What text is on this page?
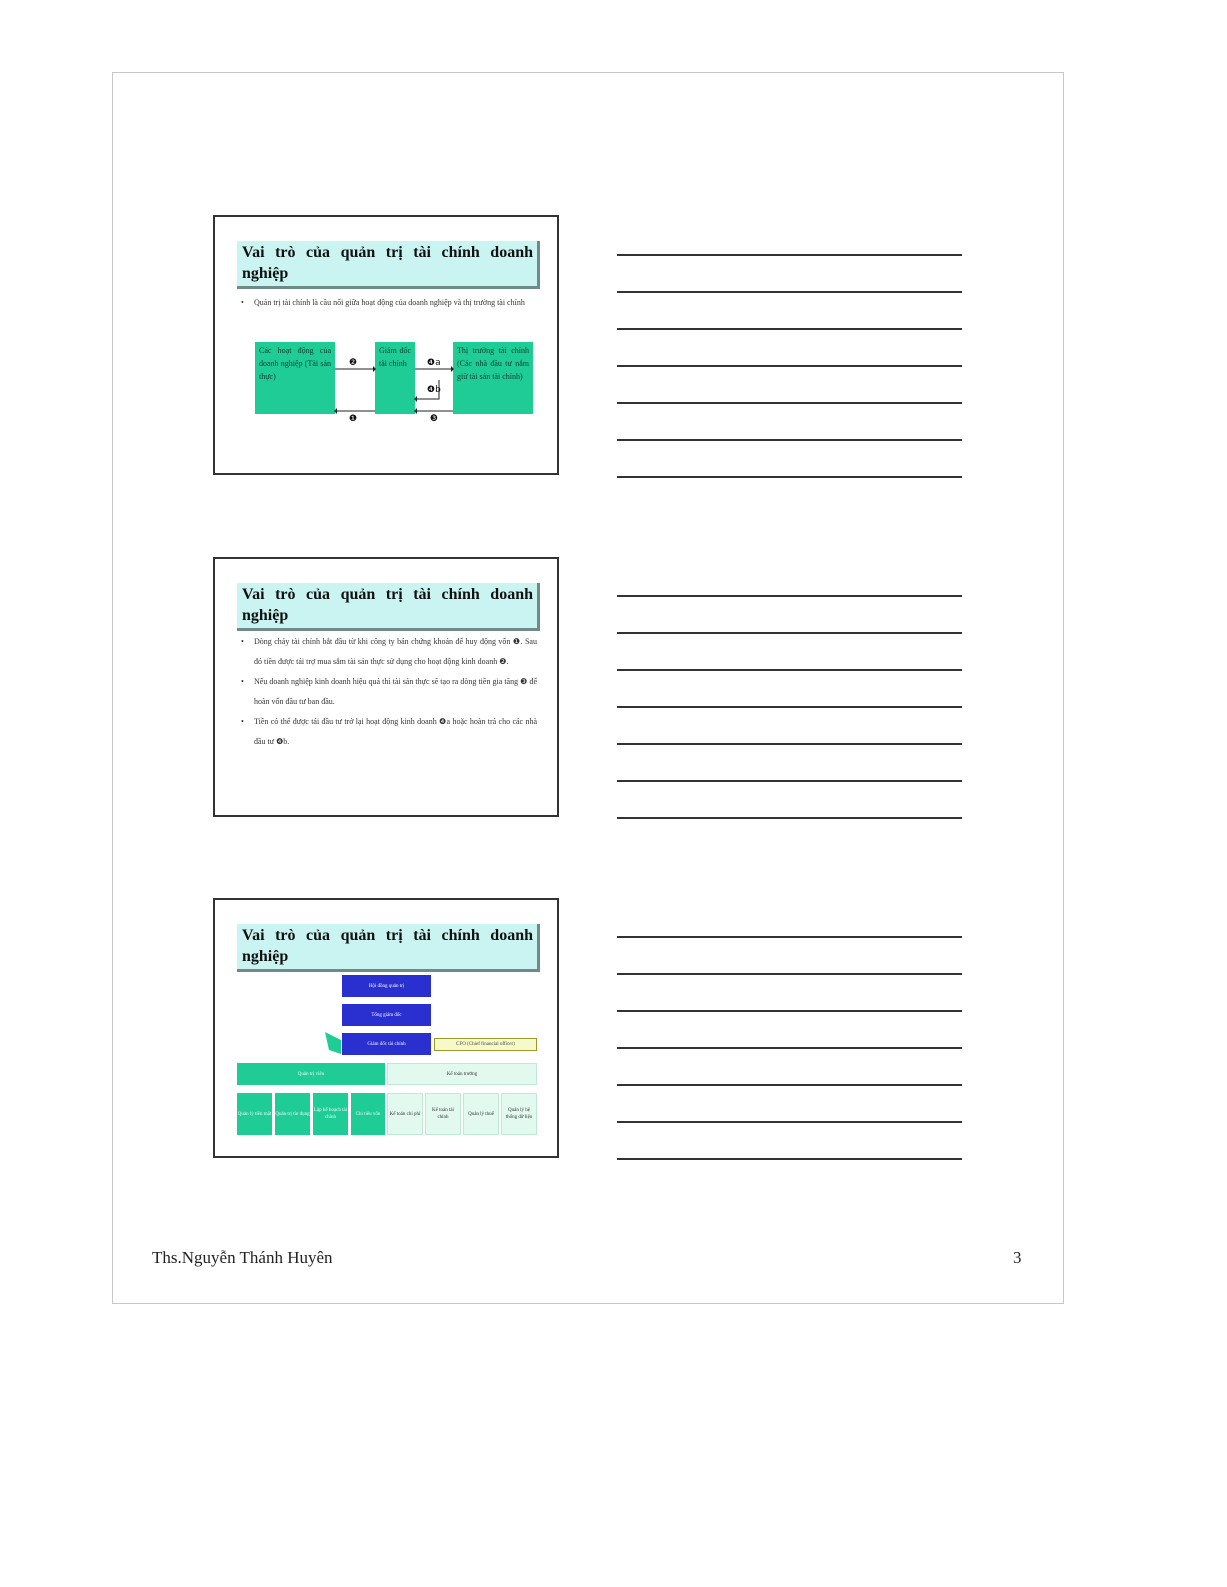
Vai trò của quản trị tài chính doanh nghiệp
•	Quản trị tài chính là cầu nối giữa hoạt động của doanh nghiệp và thị trường tài chính
Các hoạt động của doanh nghiệp (Tài sản thực)
Giám đốc tài chính
Thị trường tài chính (Các nhà đầu tư nắm giữ tài sản tài chính)
❷
❶	❸
❹a
❹b
Vai trò của quản trị tài chính doanh nghiệp
•	Dòng chảy tài chính bắt đầu từ khi công ty bán chứng khoán để huy động vốn ❶. Sau đó tiền được tái trợ mua sắm tài sản thực sử dụng cho hoạt động kinh doanh ❷.
•	Nếu doanh nghiệp kinh doanh hiệu quả thì tài sản thực sẽ tạo ra dòng tiền gia tăng ❸ để hoàn vốn đầu tư ban đầu.
•	Tiền có thể được tái đầu tư trở lại hoạt động kinh doanh ❹a hoặc hoàn trả cho các nhà đầu tư ❹b.
Vai trò của quản trị tài chính doanh nghiệp
Hội đồng quản trị
Tổng giám đốc
Giám đốc tài chính	CFO (Chief financial officer)
Quản trị viên	Kế toán trưởng
Quản lý tiền mặt Quản trị tín dụng
Lập kế hoạch tài chính
Chi tiêu vốn	Kế toán chi phí
Kế toán tài chính
Quản lý thuế
Quản lý hệ thống dữ liệu
Ths.Nguyễn Thánh Huyên	3
